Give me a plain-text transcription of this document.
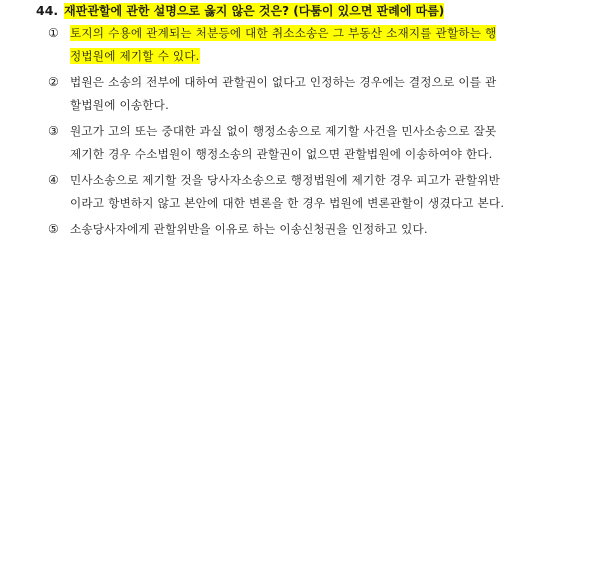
44. 재판관할에 관한 설명으로 옳지 않은 것은? (다툼이 있으면 판례에 따름)
① 토지의 수용에 관계되는 처분등에 대한 취소소송은 그 부동산 소재지를 관할하는 행
정법원에 제기할 수 있다.
② 법원은 소송의 전부에 대하여 관할권이 없다고 인정하는 경우에는 결정으로 이를 관
할법원에 이송한다.
③ 원고가 고의 또는 중대한 과실 없이 행정소송으로 제기할 사건을 민사소송으로 잘못
제기한 경우 수소법원이 행정소송의 관할권이 없으면 관할법원에 이송하여야 한다.
④ 민사소송으로 제기할 것을 당사자소송으로 행정법원에 제기한 경우 피고가 관할위반
이라고 항변하지 않고 본안에 대한 변론을 한 경우 법원에 변론관할이 생겼다고 본다.
⑤ 소송당사자에게 관할위반을 이유로 하는 이송신청권을 인정하고 있다.
